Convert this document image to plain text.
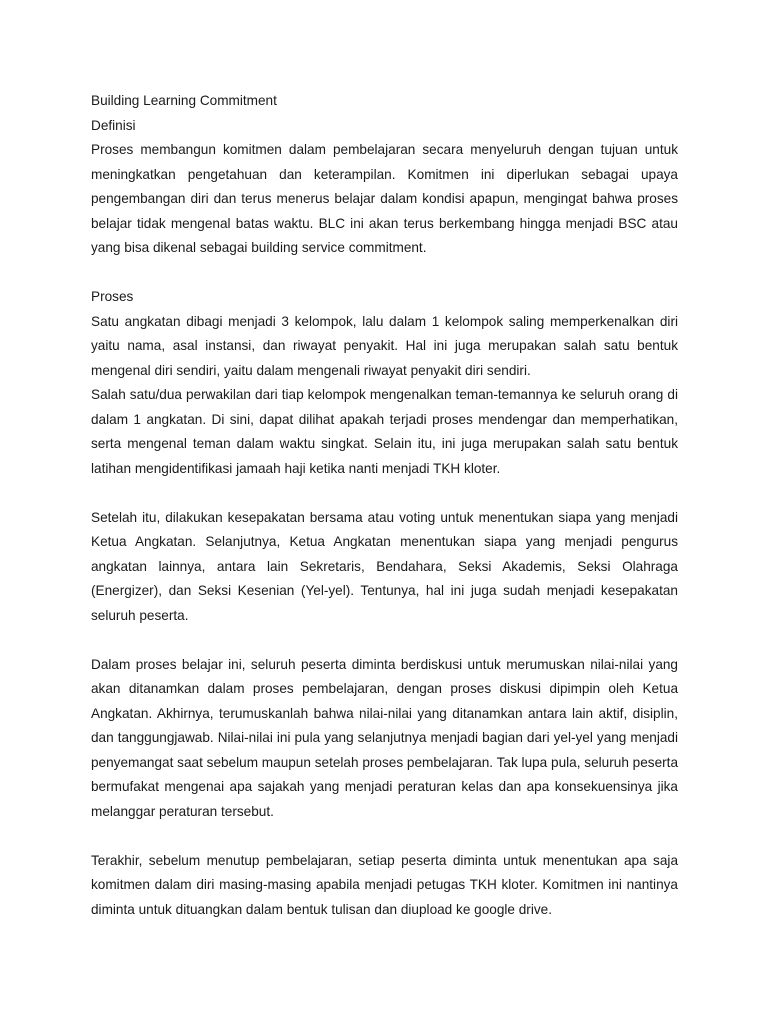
Building Learning Commitment
Definisi
Proses membangun komitmen dalam pembelajaran secara menyeluruh dengan tujuan untuk meningkatkan pengetahuan dan keterampilan. Komitmen ini diperlukan sebagai upaya pengembangan diri dan terus menerus belajar dalam kondisi apapun, mengingat bahwa proses belajar tidak mengenal batas waktu. BLC ini akan terus berkembang hingga menjadi BSC atau yang bisa dikenal sebagai building service commitment.
Proses
Satu angkatan dibagi menjadi 3 kelompok, lalu dalam 1 kelompok saling memperkenalkan diri yaitu nama, asal instansi, dan riwayat penyakit. Hal ini juga merupakan salah satu bentuk mengenal diri sendiri, yaitu dalam mengenali riwayat penyakit diri sendiri.
Salah satu/dua perwakilan dari tiap kelompok mengenalkan teman-temannya ke seluruh orang di dalam 1 angkatan. Di sini, dapat dilihat apakah terjadi proses mendengar dan memperhatikan, serta mengenal teman dalam waktu singkat. Selain itu, ini juga merupakan salah satu bentuk latihan mengidentifikasi jamaah haji ketika nanti menjadi TKH kloter.
Setelah itu, dilakukan kesepakatan bersama atau voting untuk menentukan siapa yang menjadi Ketua Angkatan. Selanjutnya, Ketua Angkatan menentukan siapa yang menjadi pengurus angkatan lainnya, antara lain Sekretaris, Bendahara, Seksi Akademis, Seksi Olahraga (Energizer), dan Seksi Kesenian (Yel-yel). Tentunya, hal ini juga sudah menjadi kesepakatan seluruh peserta.
Dalam proses belajar ini, seluruh peserta diminta berdiskusi untuk merumuskan nilai-nilai yang akan ditanamkan dalam proses pembelajaran, dengan proses diskusi dipimpin oleh Ketua Angkatan. Akhirnya, terumuskanlah bahwa nilai-nilai yang ditanamkan antara lain aktif, disiplin, dan tanggungjawab. Nilai-nilai ini pula yang selanjutnya menjadi bagian dari yel-yel yang menjadi penyemangat saat sebelum maupun setelah proses pembelajaran. Tak lupa pula, seluruh peserta bermufakat mengenai apa sajakah yang menjadi peraturan kelas dan apa konsekuensinya jika melanggar peraturan tersebut.
Terakhir, sebelum menutup pembelajaran, setiap peserta diminta untuk menentukan apa saja komitmen dalam diri masing-masing apabila menjadi petugas TKH kloter. Komitmen ini nantinya diminta untuk dituangkan dalam bentuk tulisan dan diupload ke google drive.
